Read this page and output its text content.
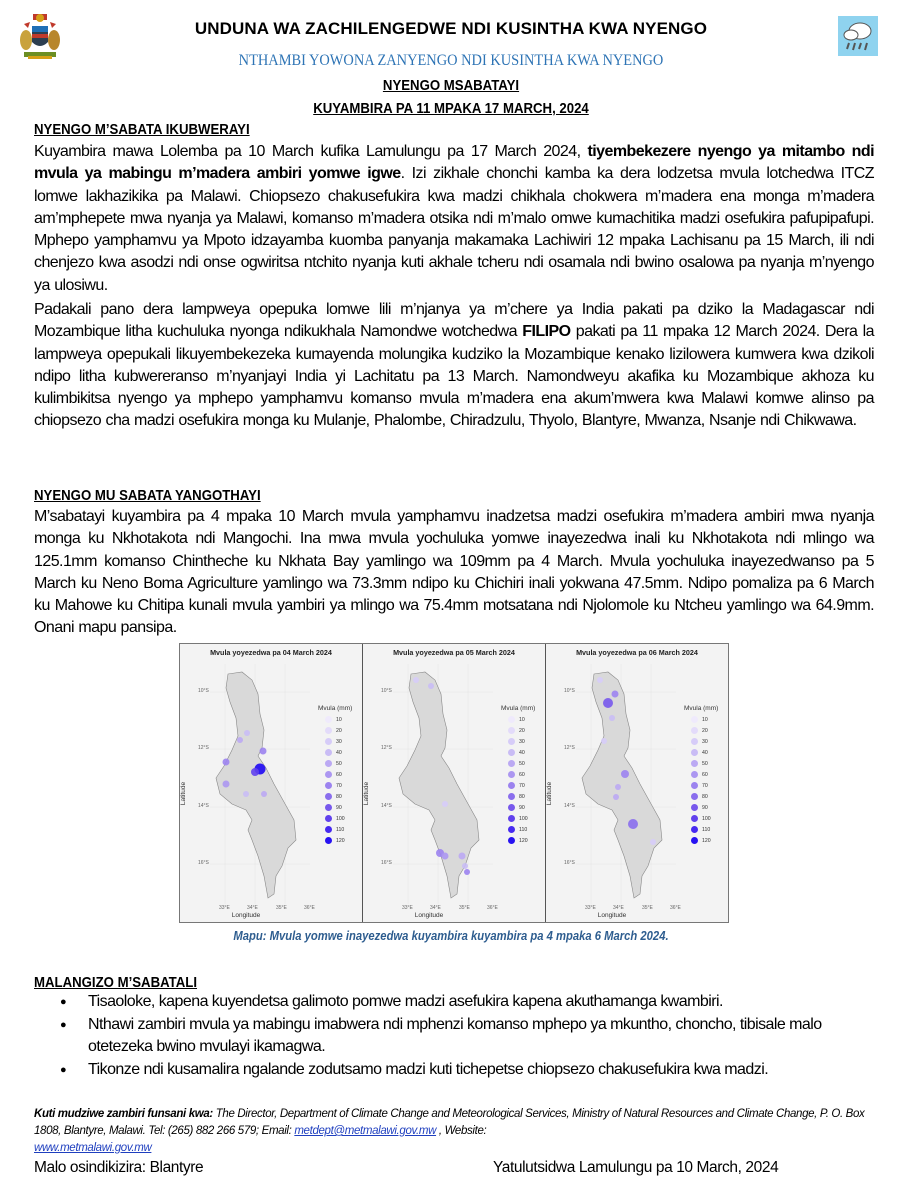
UNDUNA WA ZACHILENGEDWE NDI KUSINTHA KWA NYENGO
NTHAMBI YOWONA ZANYENGO NDI KUSINTHA KWA NYENGO
NYENGO MSABATAYI
KUYAMBIRA PA 11 MPAKA 17 MARCH, 2024
NYENGO M’SABATA IKUBWERAYI
Kuyambira mawa Lolemba pa 10 March kufika Lamulungu pa 17 March 2024, tiyembekezere nyengo ya mitambo ndi mvula ya mabingu m’madera ambiri yomwe igwe. Izi zikhale chonchi kamba ka dera lodzetsa mvula lotchedwa ITCZ lomwe lakhazikika pa Malawi. Chiopsezo chakusefukira kwa madzi chikhala chokwera m’madera ena monga m’madera am’mphepete mwa nyanja ya Malawi, komanso m’madera otsika ndi m’malo omwe kumachitika madzi osefukira pafupipafupi. Mphepo yamphamvu ya Mpoto idzayamba kuomba panyanja makamaka Lachiwiri 12 mpaka Lachisanu pa 15 March, ili ndi chenjezo kwa asodzi ndi onse ogwiritsa ntchito nyanja kuti akhale tcheru ndi osamala ndi bwino osalowa pa nyanja m’nyengo ya ulosiwu.
Padakali pano dera lampweya opepuka lomwe lili m’njanya ya m’chere ya India pakati pa dziko la Madagascar ndi Mozambique litha kuchuluka nyonga ndikukhala Namondwe wotchedwa FILIPO pakati pa 11 mpaka 12 March 2024. Dera la lampweya opepukali likuyembekezeka kumayenda molungika kudziko la Mozambique kenako lizilowera kumwera kwa dzikoli ndipo litha kubwereranso m’nyanjayi India yi Lachitatu pa 13 March. Namondweyu akafika ku Mozambique akhoza ku kulimbikitsa nyengo ya mphepo yamphamvu komanso mvula m’madera ena akum’mwera kwa Malawi komwe alinso pa chiopsezo cha madzi osefukira monga ku Mulanje, Phalombe, Chiradzulu, Thyolo, Blantyre, Mwanza, Nsanje ndi Chikwawa.
NYENGO MU SABATA YANGOTHAYI
M’sabatayi kuyambira pa 4 mpaka 10 March mvula yamphamvu inadzetsa madzi osefukira m’madera ambiri mwa nyanja monga ku Nkhotakota ndi Mangochi. Ina mwa mvula yochuluka yomwe inayezedwa inali ku Nkhotakota ndi mlingo wa 125.1mm komanso Chintheche ku Nkhata Bay yamlingo wa 109mm pa 4 March. Mvula yochuluka inayezedwanso pa 5 March ku Neno Boma Agriculture yamlingo wa 73.3mm ndipo ku Chichiri inali yokwana 47.5mm. Ndipo pomaliza pa 6 March ku Mahowe ku Chitipa kunali mvula yambiri ya mlingo wa 75.4mm motsatana ndi Njolomole ku Ntcheu yamlingo wa 64.9mm. Onani mapu pansipa.
Mvula yoyezedwa pa 04 March 2024
10°S
12°S
14°S
16°S
33°E	34°E	35°E	36°E
Longitude
Latitude
Mvula (mm)
10
20
30
40
50
60
70
80
90
100
110
120
Mvula yoyezedwa pa 05 March 2024
10°S
12°S
14°S
16°S
33°E	34°E	35°E	36°E
Longitude
Latitude
Mvula (mm)
10
20
30
40
50
60
70
80
90
100
110
120
Mvula yoyezedwa pa 06 March 2024
10°S
12°S
14°S
16°S
33°E	34°E	35°E	36°E
Longitude
Latitude
Mvula (mm)
10
20
30
40
50
60
70
80
90
100
110
120
Mapu: Mvula yomwe inayezedwa kuyambira kuyambira pa 4 mpaka 6 March 2024.
MALANGIZO M’SABATALI
● Tisaoloke, kapena kuyendetsa galimoto pomwe madzi asefukira kapena akuthamanga kwambiri.
● Nthawi zambiri mvula ya mabingu imabwera ndi mphenzi komanso mphepo ya mkuntho, choncho, tibisale malo otetezeka bwino mvulayi ikamagwa.
● Tikonze ndi kusamalira ngalande zodutsamo madzi kuti tichepetse chiopsezo chakusefukira kwa madzi.
Kuti mudziwe zambiri funsani kwa: The Director, Department of Climate Change and Meteorological Services, Ministry of Natural Resources and Climate Change, P. O. Box 1808, Blantyre, Malawi. Tel: (265) 882 266 579; Email: metdept@metmalawi.gov.mw , Website:
www.metmalawi.gov.mw
Malo osindikizira: Blantyre	Yatulutsidwa Lamulungu pa 10 March, 2024
